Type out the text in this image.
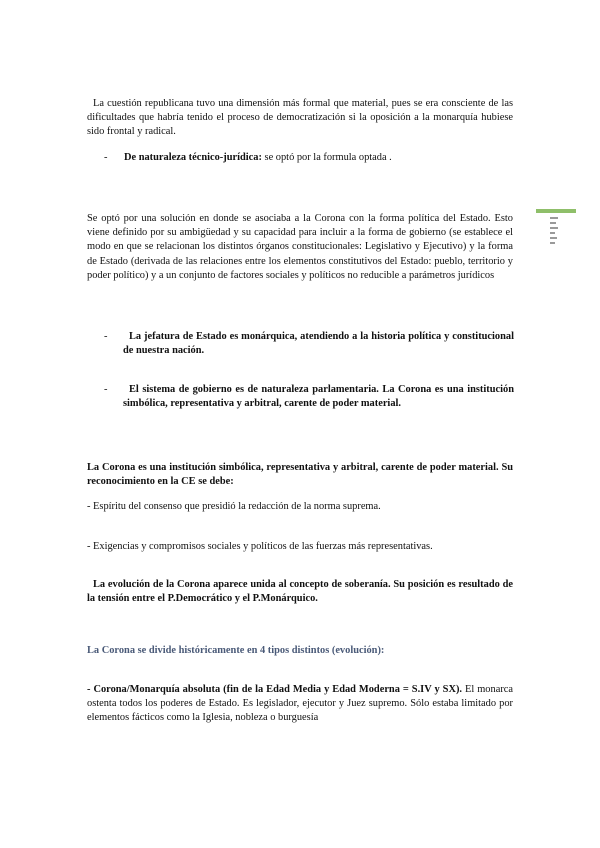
La cuestión republicana tuvo una dimensión más formal que material, pues se era consciente de las dificultades que habría tenido el proceso de democratización si la oposición a la monarquía hubiese sido frontal y radical.
- De naturaleza técnico-jurídica: se optó por la formula optada .
Se optó por una solución en donde se asociaba a la Corona con la forma política del Estado. Esto viene definido por su ambigüedad y su capacidad para incluir a la forma de gobierno (se establece el modo en que se relacionan los distintos órganos constitucionales: Legislativo y Ejecutivo) y la forma de Estado (derivada de las relaciones entre los elementos constitutivos del Estado: pueblo, territorio y poder político) y a un conjunto de factores sociales y políticos no reducible a parámetros jurídicos
-	La jefatura de Estado es monárquica, atendiendo a la historia política y constitucional de nuestra nación.
-	El sistema de gobierno es de naturaleza parlamentaria. La Corona es una institución simbólica, representativa y arbitral, carente de poder material.
La Corona es una institución simbólica, representativa y arbitral, carente de poder material. Su reconocimiento en la CE se debe:
- Espíritu del consenso que presidió la redacción de la norma suprema.
- Exigencias y compromisos sociales y políticos de las fuerzas más representativas.
La evolución de la Corona aparece unida al concepto de soberanía. Su posición es resultado de la tensión entre el P.Democrático y el P.Monárquico.
La Corona se divide históricamente en 4 tipos distintos (evolución):
- Corona/Monarquía absoluta (fin de la Edad Media y Edad Moderna = S.IV y SX). El monarca ostenta todos los poderes de Estado. Es legislador, ejecutor y Juez supremo. Sólo estaba limitado por elementos fácticos como la Iglesia, nobleza o burguesía
